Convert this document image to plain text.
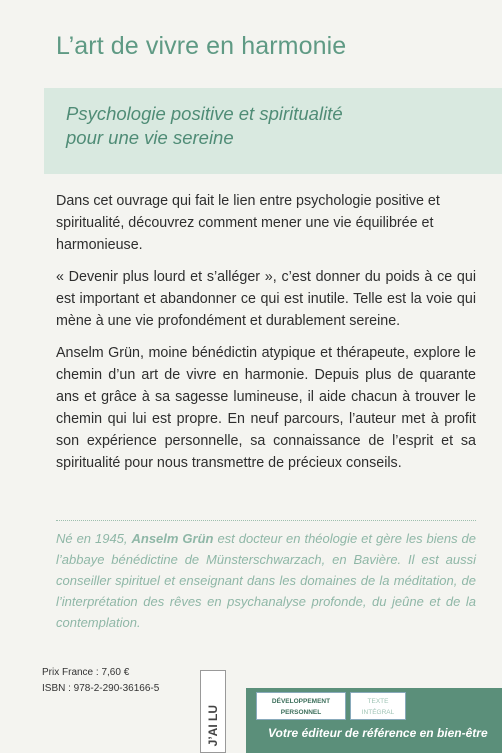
L’art de vivre en harmonie
Psychologie positive et spiritualité
pour une vie sereine

Dans cet ouvrage qui fait le lien entre psychologie positive et spiritualité, découvrez comment mener une vie équilibrée et harmonieuse.

« Devenir plus lourd et s’alléger », c’est donner du poids à ce qui est important et abandonner ce qui est inutile. Telle est la voie qui mène à une vie profondément et durablement sereine.

Anselm Grün, moine bénédictin atypique et thérapeute, explore le chemin d’un art de vivre en harmonie. Depuis plus de quarante ans et grâce à sa sagesse lumineuse, il aide chacun à trouver le chemin qui lui est propre. En neuf parcours, l’auteur met à profit son expérience personnelle, sa connaissance de l’esprit et sa spiritualité pour nous transmettre de précieux conseils.

Né en 1945, Anselm Grün est docteur en théologie et gère les biens de l’abbaye bénédictine de Münsterschwarzach, en Bavière. Il est aussi conseiller spirituel et enseignant dans les domaines de la méditation, de l’interprétation des rêves en psychanalyse profonde, du jeûne et de la contemplation.
Prix France : 7,60 €
ISBN : 978-2-290-36166-5
J’AI LU
DÉVELOPPEMENT
PERSONNEL
TEXTE
INTÉGRAL
Votre éditeur de référence en bien-être
